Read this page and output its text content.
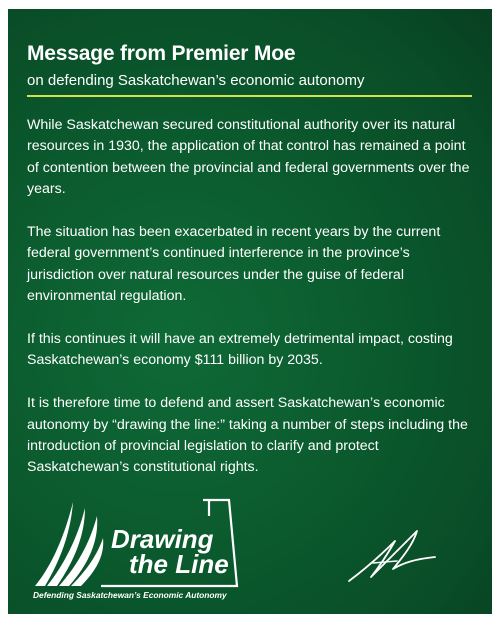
Message from Premier Moe
on defending Saskatchewan’s economic autonomy

While Saskatchewan secured constitutional authority over its natural resources in 1930, the application of that control has remained a point of contention between the provincial and federal governments over the years.

The situation has been exacerbated in recent years by the current federal government’s continued interference in the province’s jurisdiction over natural resources under the guise of federal environmental regulation.

If this continues it will have an extremely detrimental impact, costing Saskatchewan’s economy $111 billion by 2035.

It is therefore time to defend and assert Saskatchewan’s economic autonomy by “drawing the line:” taking a number of steps including the introduction of provincial legislation to clarify and protect Saskatchewan’s constitutional rights.

Drawing
the Line
Defending Saskatchewan’s Economic Autonomy
